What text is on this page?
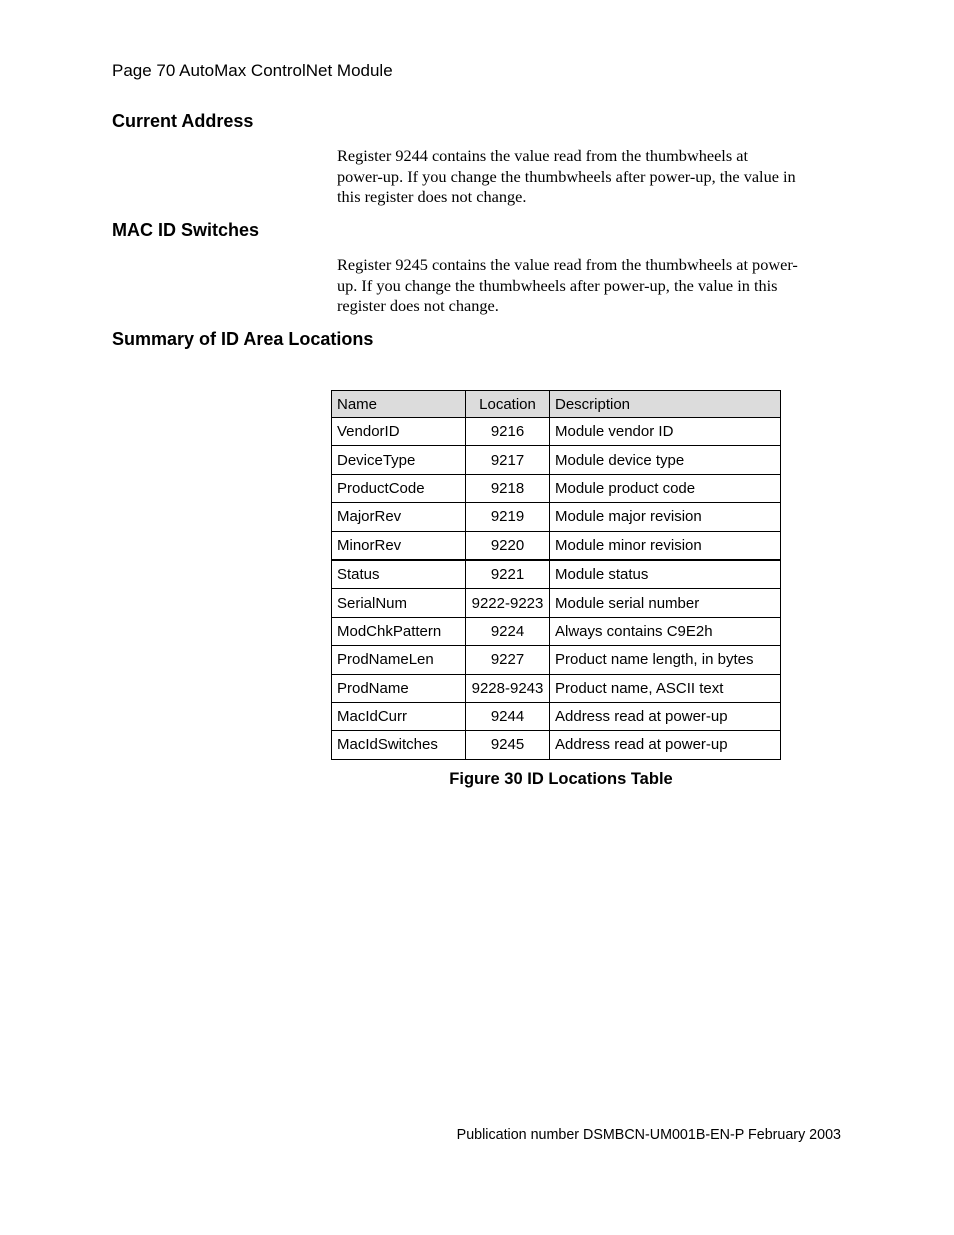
Page 70 AutoMax ControlNet Module
Current Address

Register 9244 contains the value read from the thumbwheels at
power-up. If you change the thumbwheels after power-up, the value in
this register does not change.

MAC ID Switches

Register 9245 contains the value read from the thumbwheels at power-
up. If you change the thumbwheels after power-up, the value in this
register does not change.

Summary of ID Area Locations
Name	Location	Description
VendorID	9216	Module vendor ID
DeviceType	9217	Module device type
ProductCode	9218	Module product code
MajorRev	9219	Module major revision
MinorRev	9220	Module minor revision
Status	9221	Module status
SerialNum	9222-9223	Module serial number
ModChkPattern	9224	Always contains C9E2h
ProdNameLen	9227	Product name length, in bytes
ProdName	9228-9243	Product name, ASCII text
MacIdCurr	9244	Address read at power-up
MacIdSwitches	9245	Address read at power-up
Figure 30 ID Locations Table
Publication number DSMBCN-UM001B-EN-P February 2003
